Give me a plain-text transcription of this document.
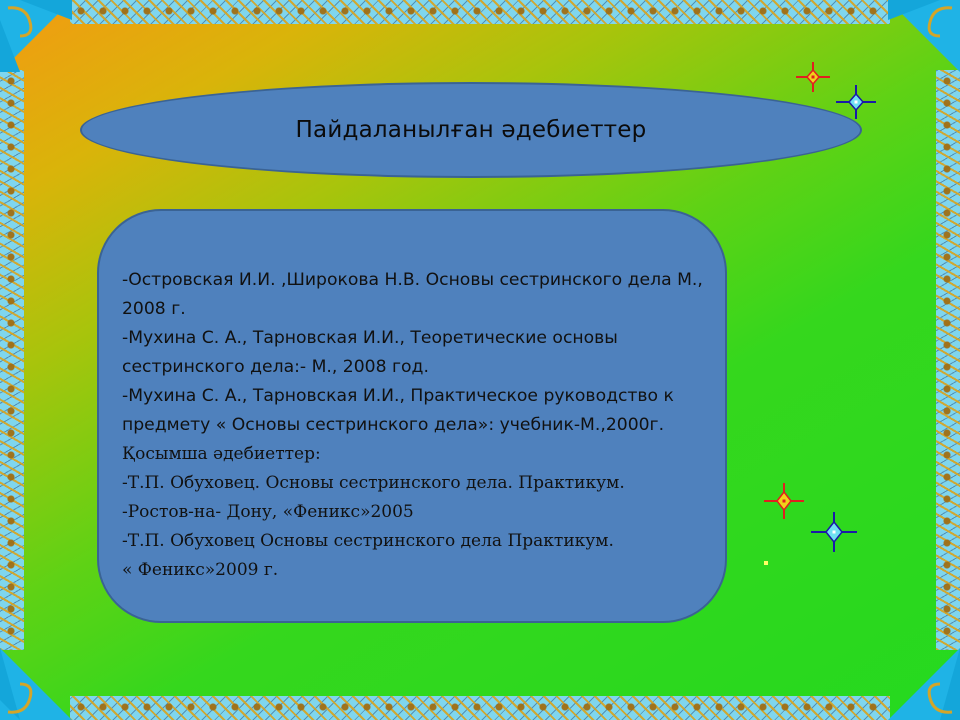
Пайдаланылған әдебиеттер

-Островская И.И. ,Широкова Н.В. Основы сестринского дела М., 2008 г.

-Мухина С. А., Тарновская И.И., Теоретические основы сестринского дела:- М., 2008 год.

-Мухина С. А., Тарновская И.И., Практическое руководство к предмету « Основы сестринского дела»: учебник-М.,2000г.

Қосымша әдебиеттер:

-Т.П. Обуховец. Основы сестринского дела. Практикум.

-Ростов-на- Дону, «Феникс»2005

-Т.П. Обуховец Основы сестринского дела Практикум.

« Феникс»2009 г.
